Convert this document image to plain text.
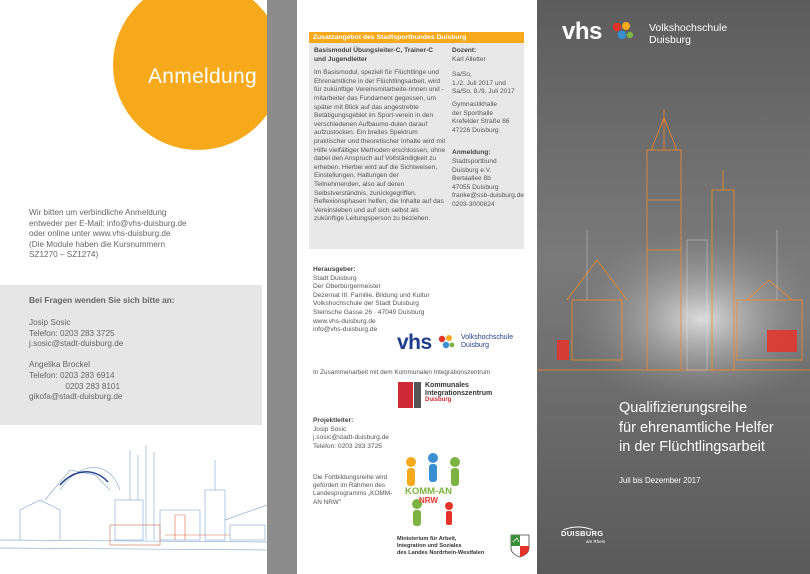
Anmeldung
Wir bitten um verbindliche Anmeldung
entweder per E-Mail: info@vhs-duisburg.de
oder online unter www.vhs-duisburg.de
(Die Module haben die Kursnummern
SZ1270 – SZ1274)
Bei Fragen wenden Sie sich bitte an:
Josip Sosic
Telefon: 0203 283 3725
j.sosic@stadt-duisburg.de

Angelika Brockel
Telefon: 0203 283 6914
0203 283 8101
gikofa@stadt-duisburg.de
Zusatzangebot des Stadtsportbundes Duisburg
Basismodul Übungsleiter-C, Trainer-C und Jugendleiter
Im Basismodul, speziell für Flüchtlinge und Ehrenamtliche in der Flüchtlingsarbeit, wird für zukünftige Vereinsmitarbeite-rinnen und -mitarbeiter das Fundament gegossen, um später mit Blick auf das angestrebte Betätigungsgebiet im Sport-verein in den verschiedenen Aufbaumo-dulen darauf aufzustocken. Ein breites Spektrum praktischer und theoretischer Inhalte wird mit Hilfe vielfältiger Methoden erschlossen, ohne dabei den Anspruch auf Vollständigkeit zu erheben. Hierbei wird auf die Sichtweisen, Einstellungen, Haltungen der Teilnehmenden, also auf deren Selbstverständnis, zurückgegriffen. Reflexionsphasen helfen, die Inhalte auf das Vereinsleben und auf sich selbst als zukünftige Leitungsperson zu beziehen.
Dozent:
Karl Alletter
Sa/So,
1./2. Juli 2017 und
Sa/So, 8./9. Juli 2017
Gymnastikhalle
der Sporthalle
Krefelder Straße 86
47226 Duisburg
Anmeldung:
Stadtsportbund
Duisburg e.V.
Bertaallee 8b
47055 Duisburg
franke@ssb-duisburg.de
0203-3000824
Herausgeber:
Stadt Duisburg
Der Oberbürgermeister
Dezernat III: Familie, Bildung und Kultur
Volkshochschule der Stadt Duisburg
Steinsche Gasse 26 · 47049 Duisburg
www.vhs-duisburg.de
info@vhs-duisburg.de
vhs	Volkshochschule
Duisburg
In Zusammenarbeit mit dem Kommunalen Integrationszentrum
Kommunales
Integrationszentrum
Duisburg
Projektleiter:
Josip Sosic
j.sosic@stadt-duisburg.de
Telefon: 0203 283 3725
Die Fortbildungsreihe wird gefördert im Rahmen des Landesprogramms „KOMM-AN NRW"
KOMM-AN
NRW
Ministerium für Arbeit,
Integration und Soziales
des Landes Nordrhein-Westfalen
vhs	Volkshochschule
Duisburg
Qualifizierungsreihe
für ehrenamtliche Helfer
in der Flüchtlingsarbeit
Juli bis Dezember 2017
DUISBURG
am Rhein
